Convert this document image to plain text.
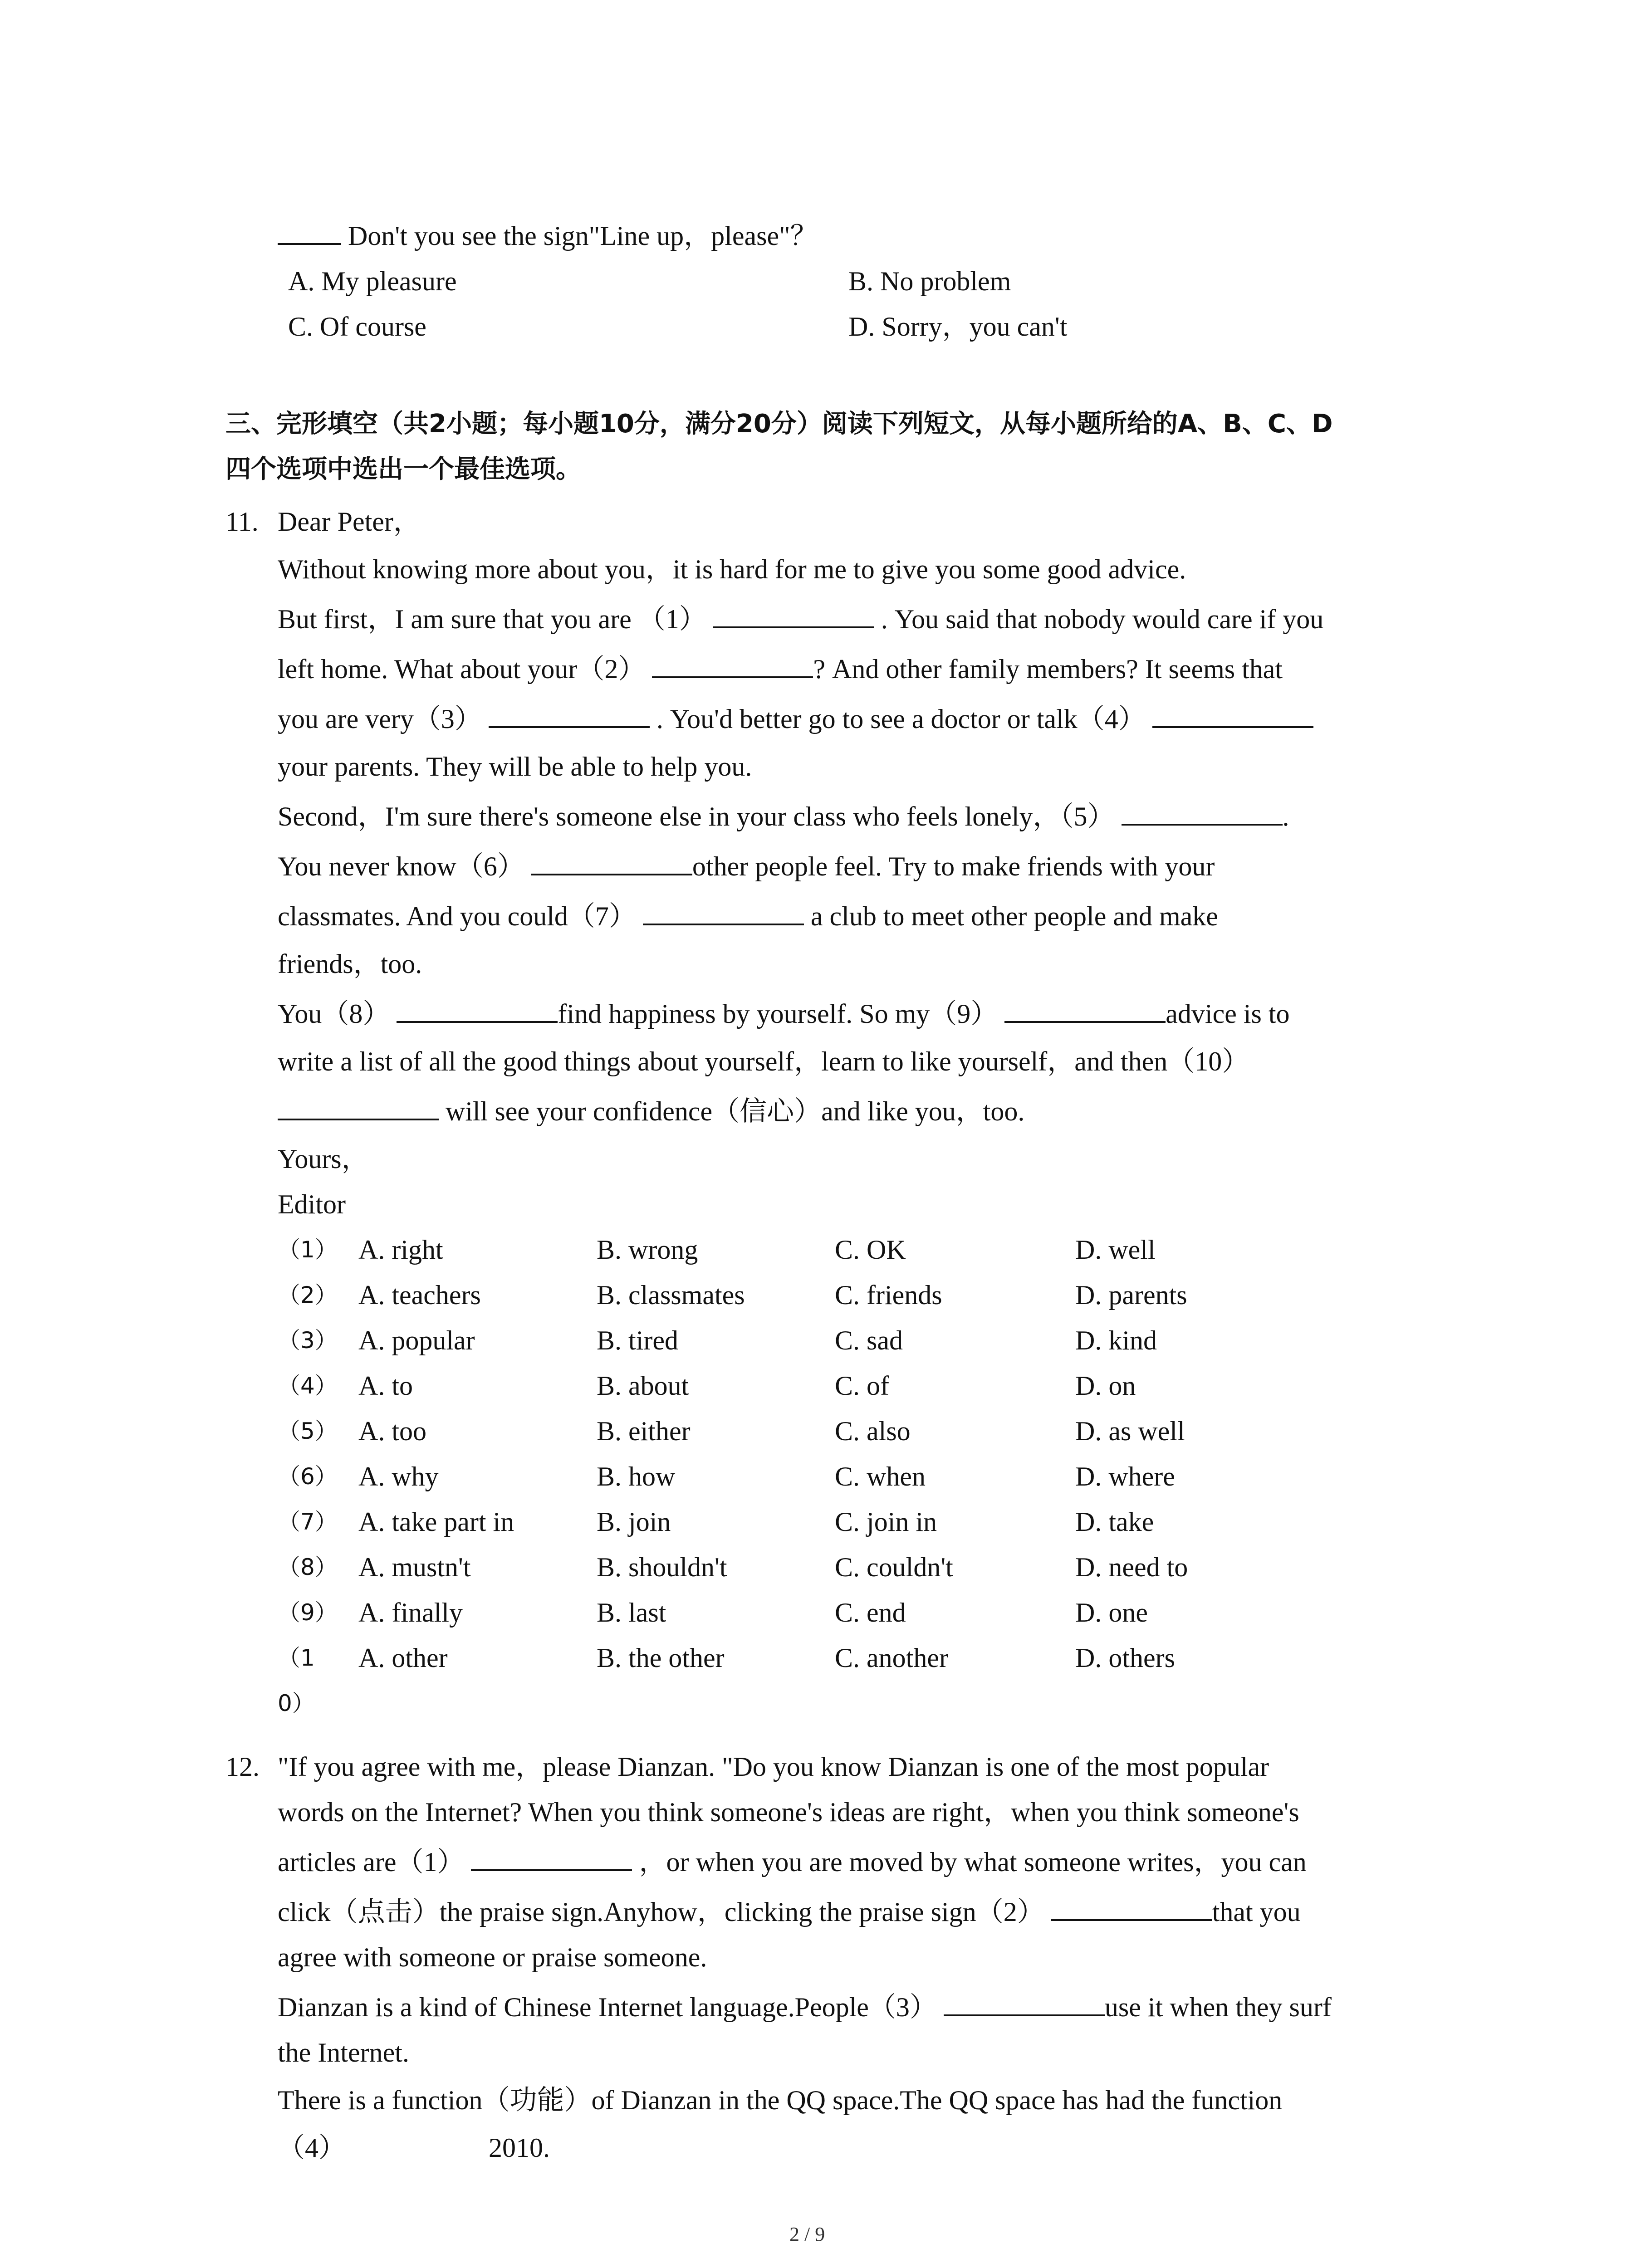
Don't you see the sign"Line up，please"？
A. My pleasure	B. No problem
C. Of course	D. Sorry，you can't
三、完形填空（共2小题；每小题10分，满分20分）阅读下列短文，从每小题所给的A、B、C、D
四个选项中选出一个最佳选项。
11. Dear Peter，
Without knowing more about you，it is hard for me to give you some good advice.
But first，I am sure that you are （1）	. You said that nobody would care if you
left home. What about your（2）	? And other family members? It seems that
you are very（3）	. You'd better go to see a doctor or talk（4）
your parents. They will be able to help you.
Second，I'm sure there's someone else in your class who feels lonely，（5）	.
You never know（6）	other people feel. Try to make friends with your
classmates. And you could（7）	a club to meet other people and make
friends，too.
You（8）	find happiness by yourself. So my（9）	advice is to
write a list of all the good things about yourself，learn to like yourself，and then（10）
will see your confidence（信心）and like you，too.
Yours，
Editor
（1） A. right	B. wrong	C. OK	D. well
（2） A. teachers	B. classmates	C. friends	D. parents
（3） A. popular	B. tired	C. sad	D. kind
（4） A. to	B. about	C. of	D. on
（5） A. too	B. either	C. also	D. as well
（6） A. why	B. how	C. when	D. where
（7） A. take part in	B. join	C. join in	D. take
（8） A. mustn't	B. shouldn't	C. couldn't	D. need to
（9） A. finally	B. last	C. end	D. one
（1 A. other	B. the other	C. another	D. others
0）
12. "If you agree with me，please Dianzan. "Do you know Dianzan is one of the most popular
words on the Internet? When you think someone's ideas are right，when you think someone's
articles are（1）	，or when you are moved by what someone writes，you can
click（点击）the praise sign.Anyhow，clicking the praise sign（2）	that you
agree with someone or praise someone.
Dianzan is a kind of Chinese Internet language.People（3）	use it when they surf
the Internet.
There is a function（功能）of Dianzan in the QQ space.The QQ space has had the function
（4）	2010.
2 / 9
